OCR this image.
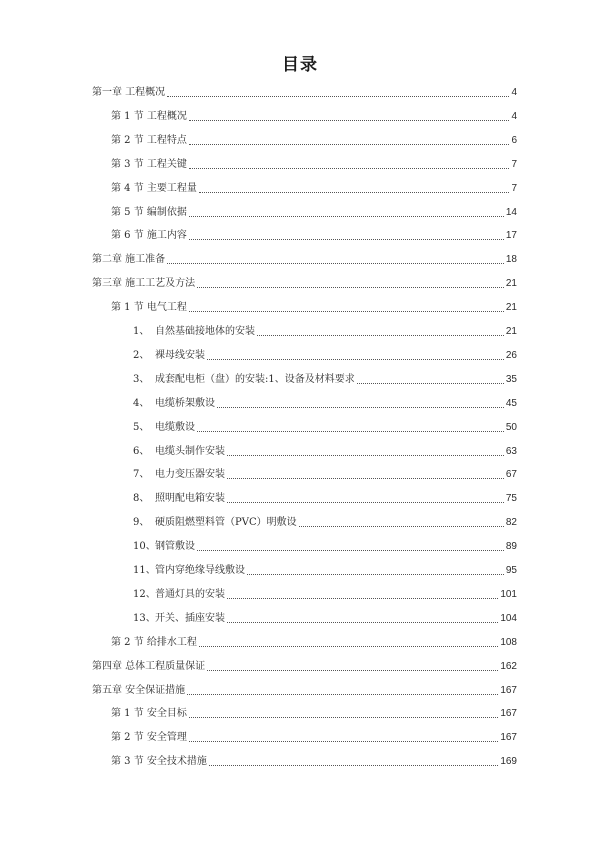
目录
第一章 工程概况	4
第 1 节 工程概况	4
第 2 节 工程特点	6
第 3 节 工程关键	7
第 4 节 主要工程量	7
第 5 节 编制依据	14
第 6 节 施工内容	17
第二章 施工准备	18
第三章 施工工艺及方法	21
第 1 节 电气工程	21
1、 自然基础接地体的安装	21
2、 裸母线安装	26
3、 成套配电柜（盘）的安装:1、设备及材料要求	35
4、 电缆桥架敷设	45
5、 电缆敷设	50
6、 电缆头制作安装	63
7、 电力变压器安装	67
8、 照明配电箱安装	75
9、 硬质阻燃塑料管（PVC）明敷设	82
10、钢管敷设	89
11、管内穿绝缘导线敷设	95
12、普通灯具的安装	101
13、开关、插座安装	104
第 2 节 给排水工程	108
第四章 总体工程质量保证	162
第五章 安全保证措施	167
第 1 节 安全目标	167
第 2 节 安全管理	167
第 3 节 安全技术措施	169
